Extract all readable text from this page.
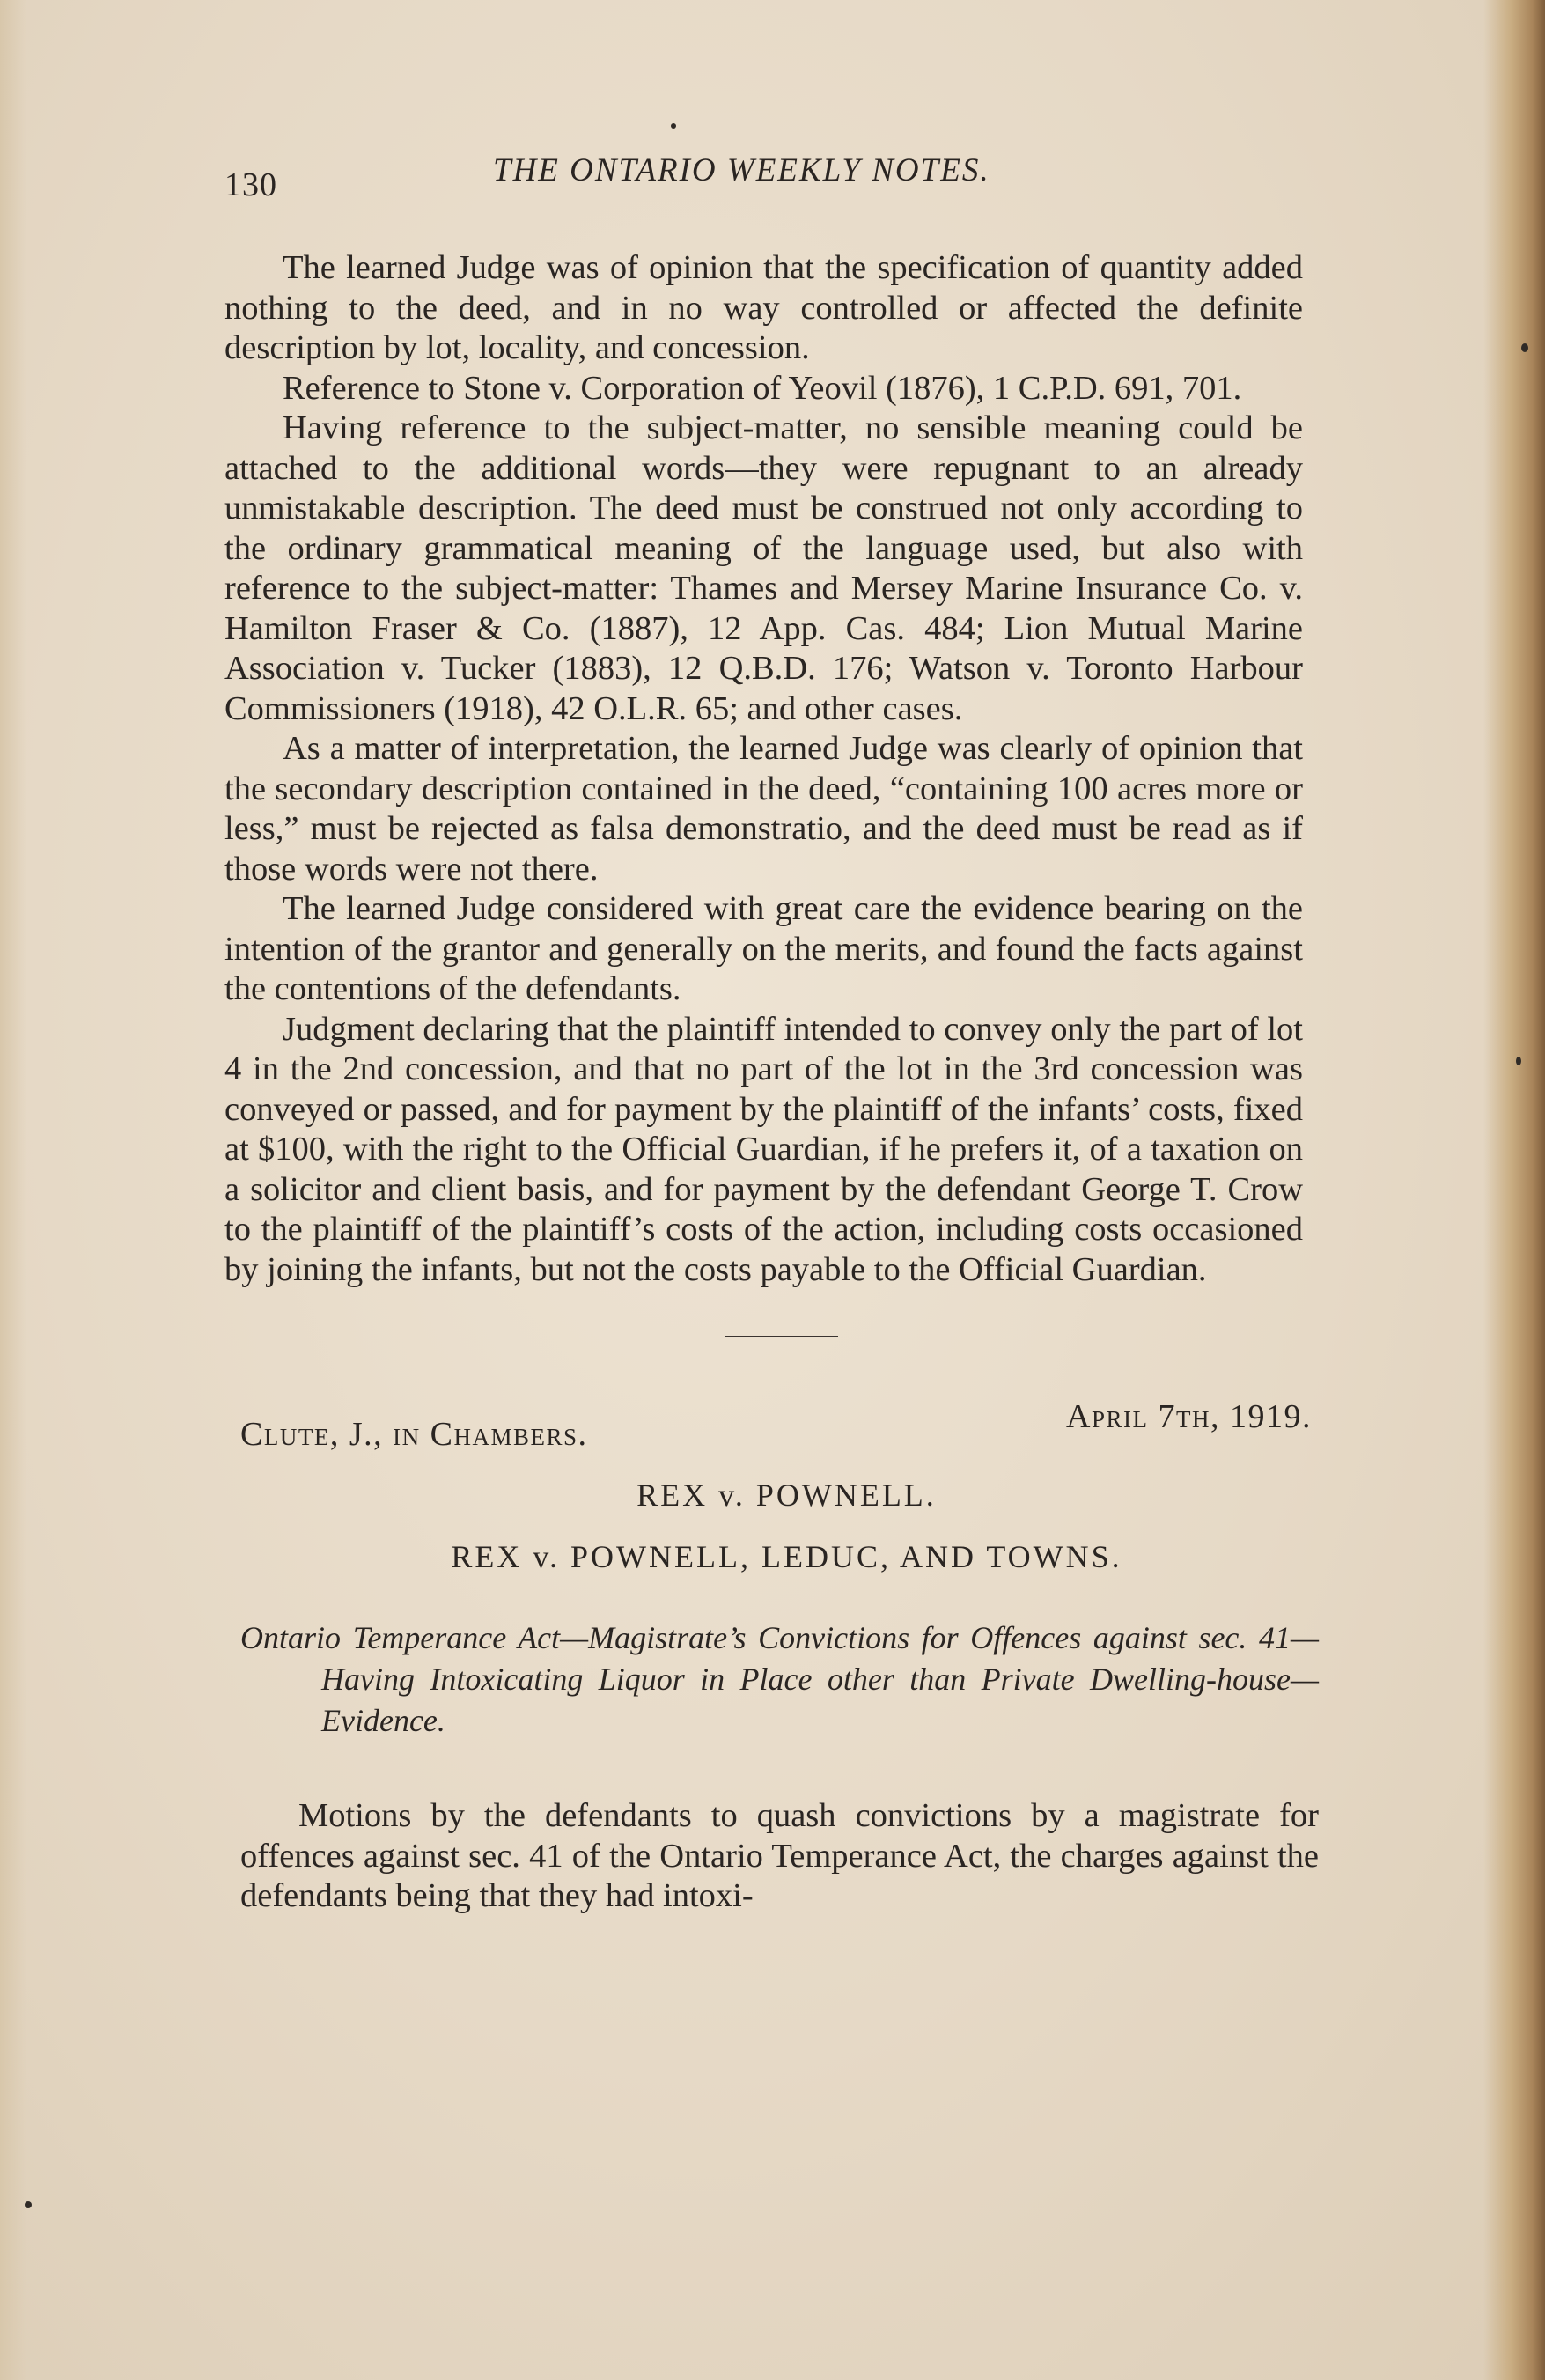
130	THE ONTARIO WEEKLY NOTES.

The learned Judge was of opinion that the specification of quantity added nothing to the deed, and in no way controlled or affected the definite description by lot, locality, and concession.

Reference to Stone v. Corporation of Yeovil (1876), 1 C.P.D. 691, 701.

Having reference to the subject-matter, no sensible meaning could be attached to the additional words—they were repugnant to an already unmistakable description. The deed must be construed not only according to the ordinary grammatical meaning of the language used, but also with reference to the subject-matter: Thames and Mersey Marine Insurance Co. v. Hamilton Fraser & Co. (1887), 12 App. Cas. 484; Lion Mutual Marine Association v. Tucker (1883), 12 Q.B.D. 176; Watson v. Toronto Harbour Commissioners (1918), 42 O.L.R. 65; and other cases.

As a matter of interpretation, the learned Judge was clearly of opinion that the secondary description contained in the deed, “containing 100 acres more or less,” must be rejected as falsa demonstratio, and the deed must be read as if those words were not there.

The learned Judge considered with great care the evidence bearing on the intention of the grantor and generally on the merits, and found the facts against the contentions of the defendants.

Judgment declaring that the plaintiff intended to convey only the part of lot 4 in the 2nd concession, and that no part of the lot in the 3rd concession was conveyed or passed, and for payment by the plaintiff of the infants’ costs, fixed at $100, with the right to the Official Guardian, if he prefers it, of a taxation on a solicitor and client basis, and for payment by the defendant George T. Crow to the plaintiff of the plaintiff’s costs of the action, including costs occasioned by joining the infants, but not the costs payable to the Official Guardian.

Clute, J., in Chambers.	April 7th, 1919.
REX v. POWNELL.
REX v. POWNELL, LEDUC, AND TOWNS.
Ontario Temperance Act—Magistrate’s Convictions for Offences against sec. 41—Having Intoxicating Liquor in Place other than Private Dwelling-house—Evidence.

Motions by the defendants to quash convictions by a magistrate for offences against sec. 41 of the Ontario Temperance Act, the charges against the defendants being that they had intoxi-
